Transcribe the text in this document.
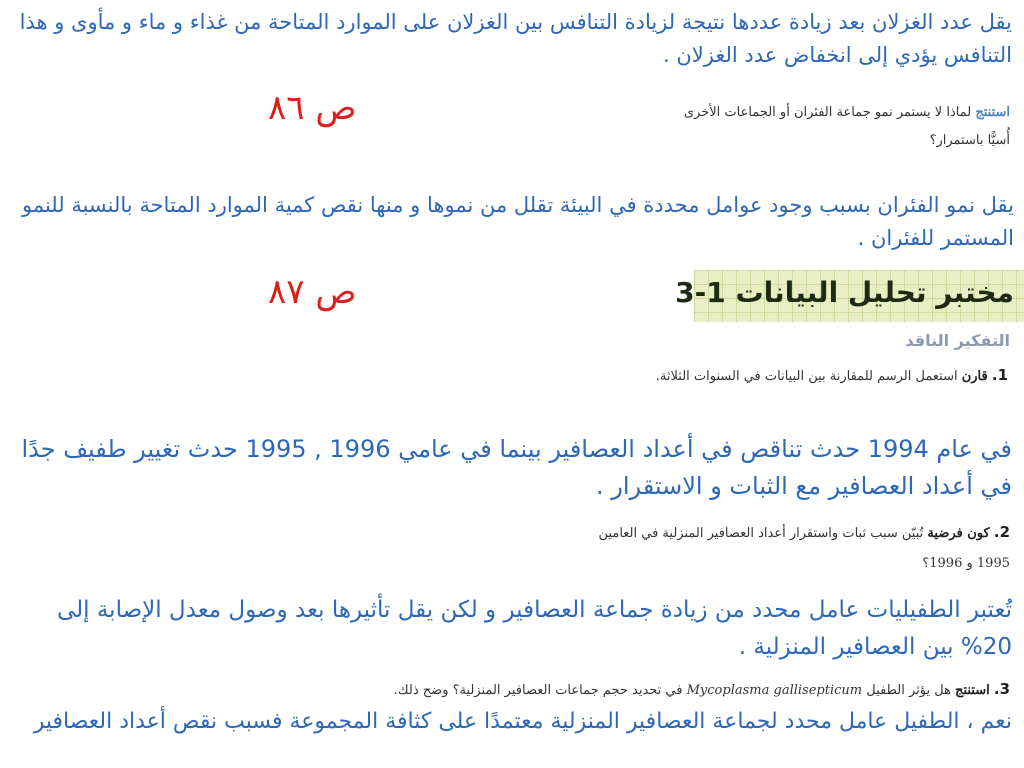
يقل عدد الغزلان بعد زيادة عددها نتيجة لزيادة التنافس بين الغزلان على الموارد المتاحة من غذاء و ماء و مأوى و هذا التنافس يؤدي إلى انخفاض عدد الغزلان .

ص ٨٦	استنتج لماذا لا يستمر نمو جماعة الفئران أو الجماعات الأخرى أُسيًّا باستمرار؟

يقل نمو الفئران بسبب وجود عوامل محددة في البيئة تقلل من نموها و منها نقص كمية الموارد المتاحة بالنسبة للنمو المستمر للفئران .

ص ٨٧	مختبر تحليل البيانات 1-3
التفكير الناقد

1. قارن استعمل الرسم للمقارنة بين البيانات في السنوات الثلاثة.

في عام 1994 حدث تناقص في أعداد العصافير بينما في عامي 1996 , 1995 حدث تغيير طفيف جدًا في أعداد العصافير مع الثبات و الاستقرار .

2. كون فرضية تُبيّن سبب ثبات واستقرار أعداد العصافير المنزلية في العامين 1995 و 1996؟

تُعتبر الطفيليات عامل محدد من زيادة جماعة العصافير و لكن يقل تأثيرها بعد وصول معدل الإصابة إلى 20% بين العصافير المنزلية .

3. استنتج هل يؤثر الطفيل Mycoplasma gallisepticum في تحديد حجم جماعات العصافير المنزلية؟ وضح ذلك.

نعم ، الطفيل عامل محدد لجماعة العصافير المنزلية معتمدًا على كثافة المجموعة فسبب نقص أعداد العصافير
